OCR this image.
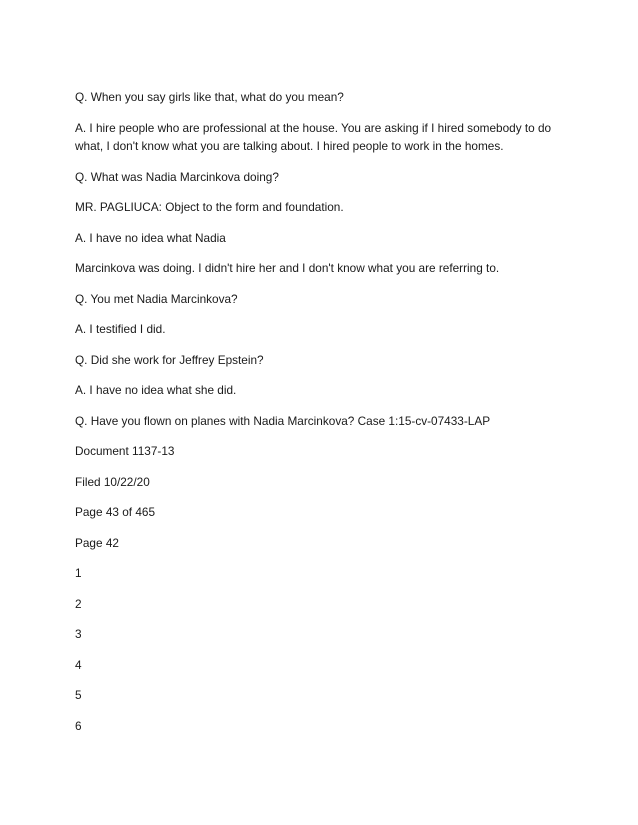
Q. When you say girls like that, what do you mean?

A. I hire people who are professional at the house. You are asking if I hired somebody to do what, I don't know what you are talking about. I hired people to work in the homes.

Q. What was Nadia Marcinkova doing?

MR. PAGLIUCA: Object to the form and foundation.

A. I have no idea what Nadia

Marcinkova was doing. I didn't hire her and I don't know what you are referring to.

Q. You met Nadia Marcinkova?

A. I testified I did.

Q. Did she work for Jeffrey Epstein?

A. I have no idea what she did.

Q. Have you flown on planes with Nadia Marcinkova? Case 1:15-cv-07433-LAP

Document 1137-13

Filed 10/22/20

Page 43 of 465

Page 42

1

2

3

4

5

6
